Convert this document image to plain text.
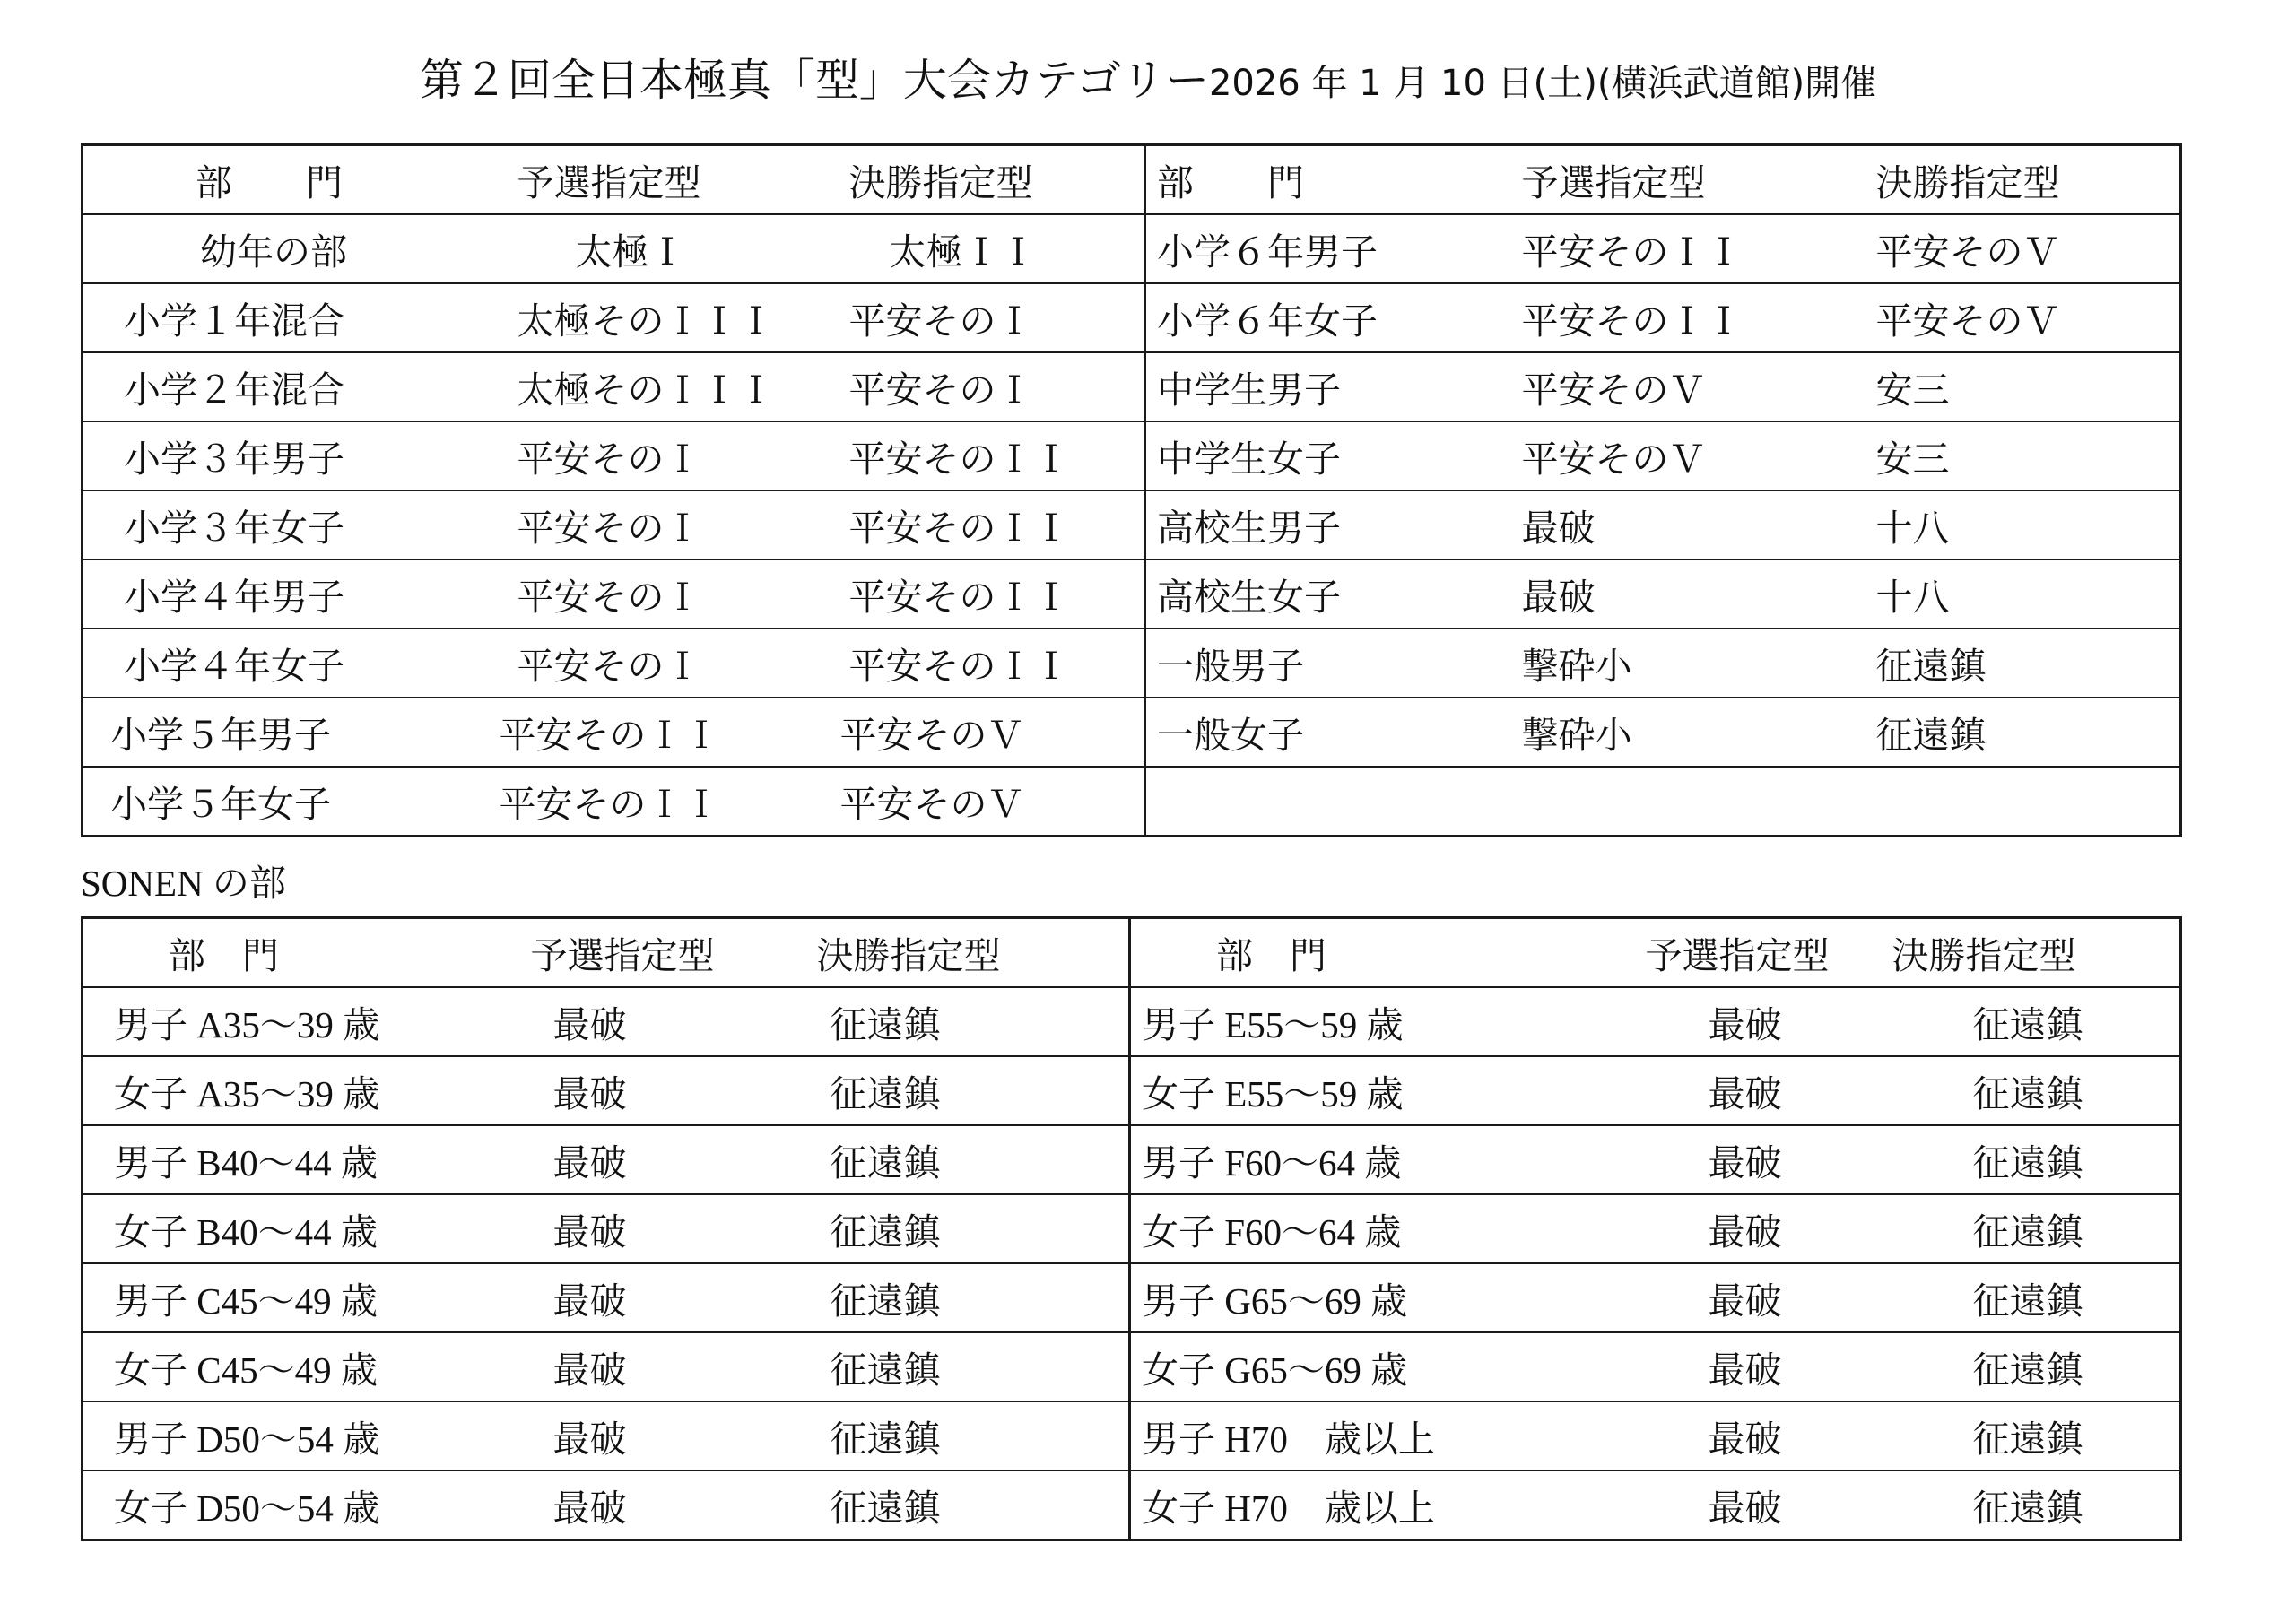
第２回全日本極真「型」大会カテゴリー2026 年 1 月 10 日(土)(横浜武道館)開催
部　　門	予選指定型	決勝指定型	部　　門	予選指定型	決勝指定型
幼年の部	太極Ｉ	太極ＩＩ	小学６年男子	平安そのＩＩ	平安そのＶ
小学１年混合	太極そのＩＩＩ	平安そのＩ	小学６年女子	平安そのＩＩ	平安そのＶ
小学２年混合	太極そのＩＩＩ	平安そのＩ	中学生男子	平安そのＶ	安三
小学３年男子	平安そのＩ	平安そのＩＩ	中学生女子	平安そのＶ	安三
小学３年女子	平安そのＩ	平安そのＩＩ	高校生男子	最破	十八
小学４年男子	平安そのＩ	平安そのＩＩ	高校生女子	最破	十八
小学４年女子	平安そのＩ	平安そのＩＩ	一般男子	撃砕小	征遠鎮
小学５年男子	平安そのＩＩ	平安そのＶ	一般女子	撃砕小	征遠鎮
小学５年女子	平安そのＩＩ	平安そのＶ			
SONEN の部
部　門	予選指定型	決勝指定型	部　門	予選指定型	決勝指定型
男子 A35～39 歳	最破	征遠鎮	男子 E55～59 歳	最破	征遠鎮
女子 A35～39 歳	最破	征遠鎮	女子 E55～59 歳	最破	征遠鎮
男子 B40～44 歳	最破	征遠鎮	男子 F60～64 歳	最破	征遠鎮
女子 B40～44 歳	最破	征遠鎮	女子 F60～64 歳	最破	征遠鎮
男子 C45～49 歳	最破	征遠鎮	男子 G65～69 歳	最破	征遠鎮
女子 C45～49 歳	最破	征遠鎮	女子 G65～69 歳	最破	征遠鎮
男子 D50～54 歳	最破	征遠鎮	男子 H70　歳以上	最破	征遠鎮
女子 D50～54 歳	最破	征遠鎮	女子 H70　歳以上	最破	征遠鎮
